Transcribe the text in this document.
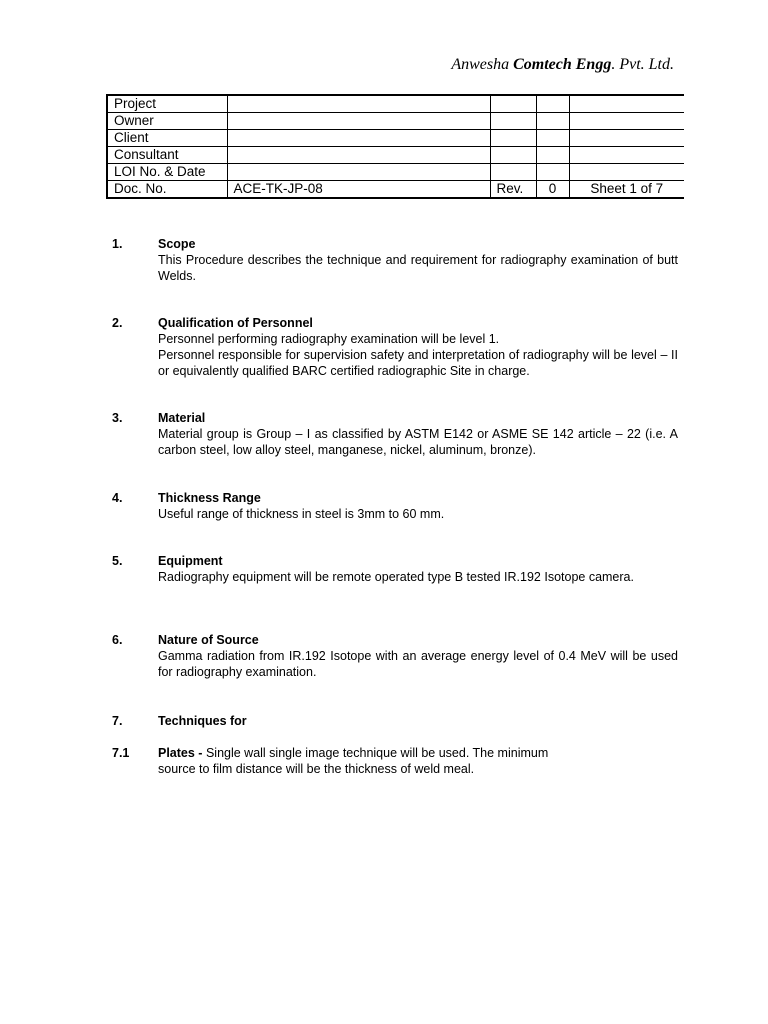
Anwesha Comtech Engg. Pvt. Ltd.
Project				
Owner				
Client				
Consultant				
LOI No. & Date				
Doc. No.	ACE-TK-JP-08	Rev.	0	Sheet 1 of 7
1.	Scope
This Procedure describes the technique and requirement for radiography examination of butt Welds.
2.	Qualification of Personnel
Personnel performing radiography examination will be level 1.
Personnel responsible for supervision safety and interpretation of radiography will be level – II or equivalently qualified BARC certified radiographic Site in charge.
3.	Material
Material group is Group – I as classified by ASTM E142 or ASME SE 142 article – 22 (i.e. A carbon steel, low alloy steel, manganese, nickel, aluminum, bronze).
4.	Thickness Range
Useful range of thickness in steel is 3mm to 60 mm.
5.	Equipment
Radiography equipment will be remote operated type B tested IR.192 Isotope camera.
6.	Nature of Source
Gamma radiation from IR.192 Isotope with an average energy level of 0.4 MeV will be used for radiography examination.
7.	Techniques for
7.1	Plates - Single wall single image technique will be used. The minimum
source to film distance will be the thickness of weld meal.
